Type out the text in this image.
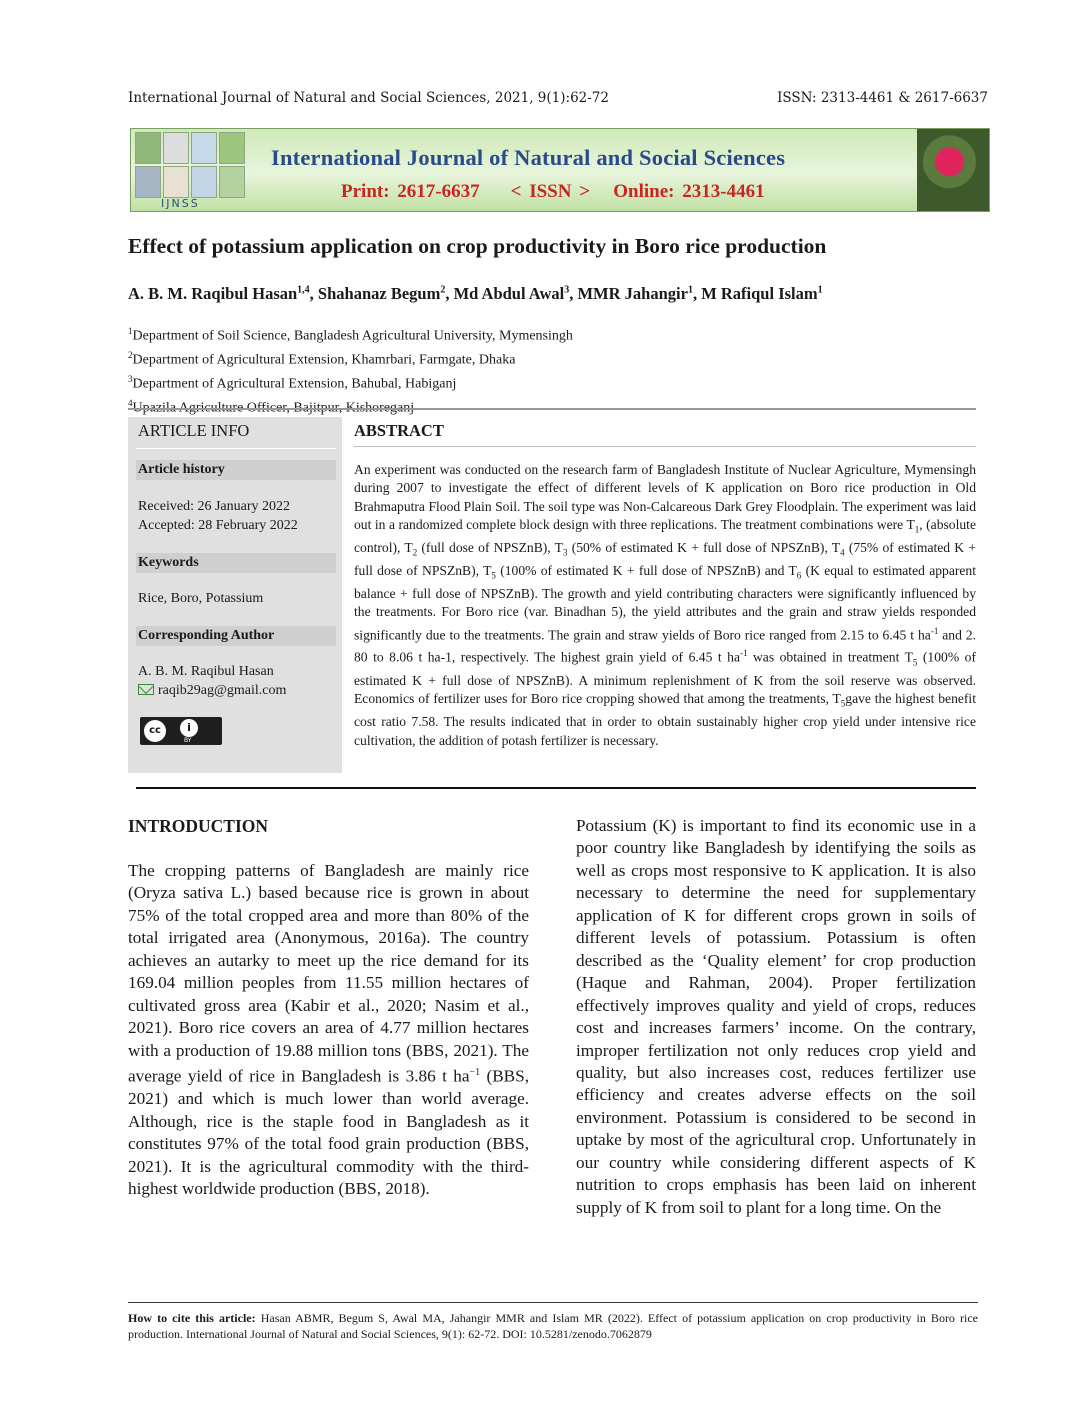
International Journal of Natural and Social Sciences, 2021, 9(1):62-72	ISSN: 2313-4461 & 2617-6637
IJNSS
International Journal of Natural and Social Sciences
Print: 2617-6637    < ISSN >   Online: 2313-4461
Effect of potassium application on crop productivity in Boro rice production
A. B. M. Raqibul Hasan$^{1,4}$, Shahanaz Begum$^2$, Md Abdul Awal$^3$, MMR Jahangir$^1$, M Rafiqul Islam$^1$
$^1$Department of Soil Science, Bangladesh Agricultural University, Mymensingh
$^2$Department of Agricultural Extension, Khamrbari, Farmgate, Dhaka
$^3$Department of Agricultural Extension, Bahubal, Habiganj
$^4$Upazila Agriculture Officer, Bajitpur, Kishoreganj
ARTICLE INFO
Article history
Received: 26 January 2022
Accepted: 28 February 2022
Keywords
Rice, Boro, Potassium
Corresponding Author
A. B. M. Raqibul Hasan
raqib29ag@gmail.com
cc	i
BY
ABSTRACT
An experiment was conducted on the research farm of Bangladesh Institute of Nuclear Agriculture, Mymensingh during 2007 to investigate the effect of different levels of K application on Boro rice production in Old Brahmaputra Flood Plain Soil. The soil type was Non-Calcareous Dark Grey Floodplain. The experiment was laid out in a randomized complete block design with three replications. The treatment combinations were $T_1$, (absolute control), $T_2$ (full dose of NPSZnB), $T_3$ (50% of estimated K + full dose of NPSZnB), $T_4$ (75% of estimated K + full dose of NPSZnB), $T_5$ (100% of estimated K + full dose of NPSZnB) and $T_6$ (K equal to estimated apparent balance + full dose of NPSZnB). The growth and yield contributing characters were significantly influenced by the treatments. For Boro rice (var. Binadhan 5), the yield attributes and the grain and straw yields responded significantly due to the treatments. The grain and straw yields of Boro rice ranged from 2.15 to 6.45 t $ha^{-1}$ and 2. 80 to 8.06 t ha-1, respectively. The highest grain yield of 6.45 t $ha^{-1}$ was obtained in treatment $T_5$ (100% of estimated K + full dose of NPSZnB). A minimum replenishment of K from the soil reserve was observed. Economics of fertilizer uses for Boro rice cropping showed that among the treatments, $T_5gave$ the highest benefit cost ratio 7.58. The results indicated that in order to obtain sustainably higher crop yield under intensive rice cultivation, the addition of potash fertilizer is necessary.
INTRODUCTION
The cropping patterns of Bangladesh are mainly rice (Oryza sativa L.) based because rice is grown in about 75% of the total cropped area and more than 80% of the total irrigated area (Anonymous, 2016a). The country achieves an autarky to meet up the rice demand for its 169.04 million peoples from 11.55 million hectares of cultivated gross area (Kabir et al., 2020; Nasim et al., 2021). Boro rice covers an area of 4.77 million hectares with a production of 19.88 million tons (BBS, 2021). The average yield of rice in Bangladesh is 3.86 t $ha^{-1}$ (BBS, 2021) and which is much lower than world average. Although, rice is the staple food in Bangladesh as it constitutes 97% of the total food grain production (BBS, 2021). It is the agricultural commodity with the third-highest worldwide production (BBS, 2018).
Potassium (K) is important to find its economic use in a poor country like Bangladesh by identifying the soils as well as crops most responsive to K application. It is also necessary to determine the need for supplementary application of K for different crops grown in soils of different levels of potassium. Potassium is often described as the ‘Quality element’ for crop production (Haque and Rahman, 2004). Proper fertilization effectively improves quality and yield of crops, reduces cost and increases farmers’ income. On the contrary, improper fertilization not only reduces crop yield and quality, but also increases cost, reduces fertilizer use efficiency and creates adverse effects on the soil environment. Potassium is considered to be second in uptake by most of the agricultural crop. Unfortunately in our country while considering different aspects of K nutrition to crops emphasis has been laid on inherent supply of K from soil to plant for a long time. On the
How to cite this article: Hasan ABMR, Begum S, Awal MA, Jahangir MMR and Islam MR (2022). Effect of potassium application on crop productivity in Boro rice production. International Journal of Natural and Social Sciences, 9(1): 62-72. DOI: 10.5281/zenodo.7062879
